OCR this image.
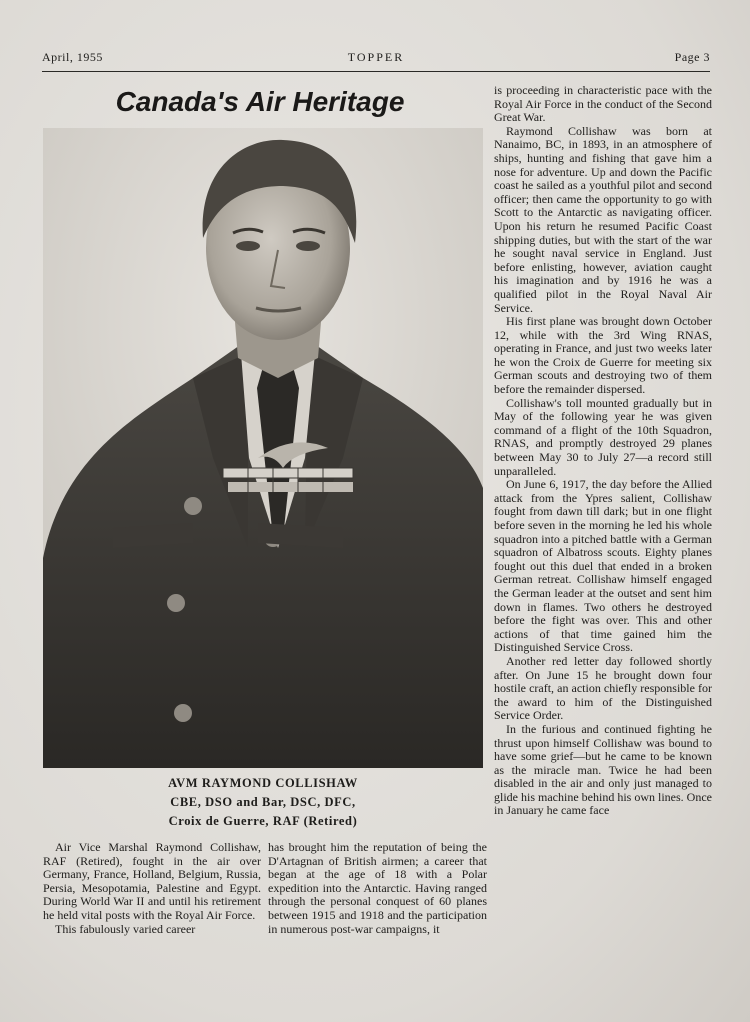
April, 1955	TOPPER	Page 3
Canada's Air Heritage
AVM RAYMOND COLLISHAW
CBE, DSO and Bar, DSC, DFC,
Croix de Guerre, RAF (Retired)

Air Vice Marshal Raymond Collishaw, RAF (Retired), fought in the air over Germany, France, Holland, Belgium, Russia, Persia, Mesopotamia, Palestine and Egypt. During World War II and until his retirement he held vital posts with the Royal Air Force.

This fabulously varied career

has brought him the reputation of being the D'Artagnan of British airmen; a career that began at the age of 18 with a Polar expedition into the Antarctic. Having ranged through the personal conquest of 60 planes between 1915 and 1918 and the participation in numerous post-war campaigns, it

is proceeding in characteristic pace with the Royal Air Force in the conduct of the Second Great War.

Raymond Collishaw was born at Nanaimo, BC, in 1893, in an atmosphere of ships, hunting and fishing that gave him a nose for adventure. Up and down the Pacific coast he sailed as a youthful pilot and second officer; then came the opportunity to go with Scott to the Antarctic as navigating officer. Upon his return he resumed Pacific Coast shipping duties, but with the start of the war he sought naval service in England. Just before enlisting, however, aviation caught his imagination and by 1916 he was a qualified pilot in the Royal Naval Air Service.

His first plane was brought down October 12, while with the 3rd Wing RNAS, operating in France, and just two weeks later he won the Croix de Guerre for meeting six German scouts and destroying two of them before the remainder dispersed.

Collishaw's toll mounted gradually but in May of the following year he was given command of a flight of the 10th Squadron, RNAS, and promptly destroyed 29 planes between May 30 to July 27—a record still unparalleled.

On June 6, 1917, the day before the Allied attack from the Ypres salient, Collishaw fought from dawn till dark; but in one flight before seven in the morning he led his whole squadron into a pitched battle with a German squadron of Albatross scouts. Eighty planes fought out this duel that ended in a broken German retreat. Collishaw himself engaged the German leader at the outset and sent him down in flames. Two others he destroyed before the fight was over. This and other actions of that time gained him the Distinguished Service Cross.

Another red letter day followed shortly after. On June 15 he brought down four hostile craft, an action chiefly responsible for the award to him of the Distinguished Service Order.

In the furious and continued fighting he thrust upon himself Collishaw was bound to have some grief—but he came to be known as the miracle man. Twice he had been disabled in the air and only just managed to glide his machine behind his own lines. Once in January he came face
